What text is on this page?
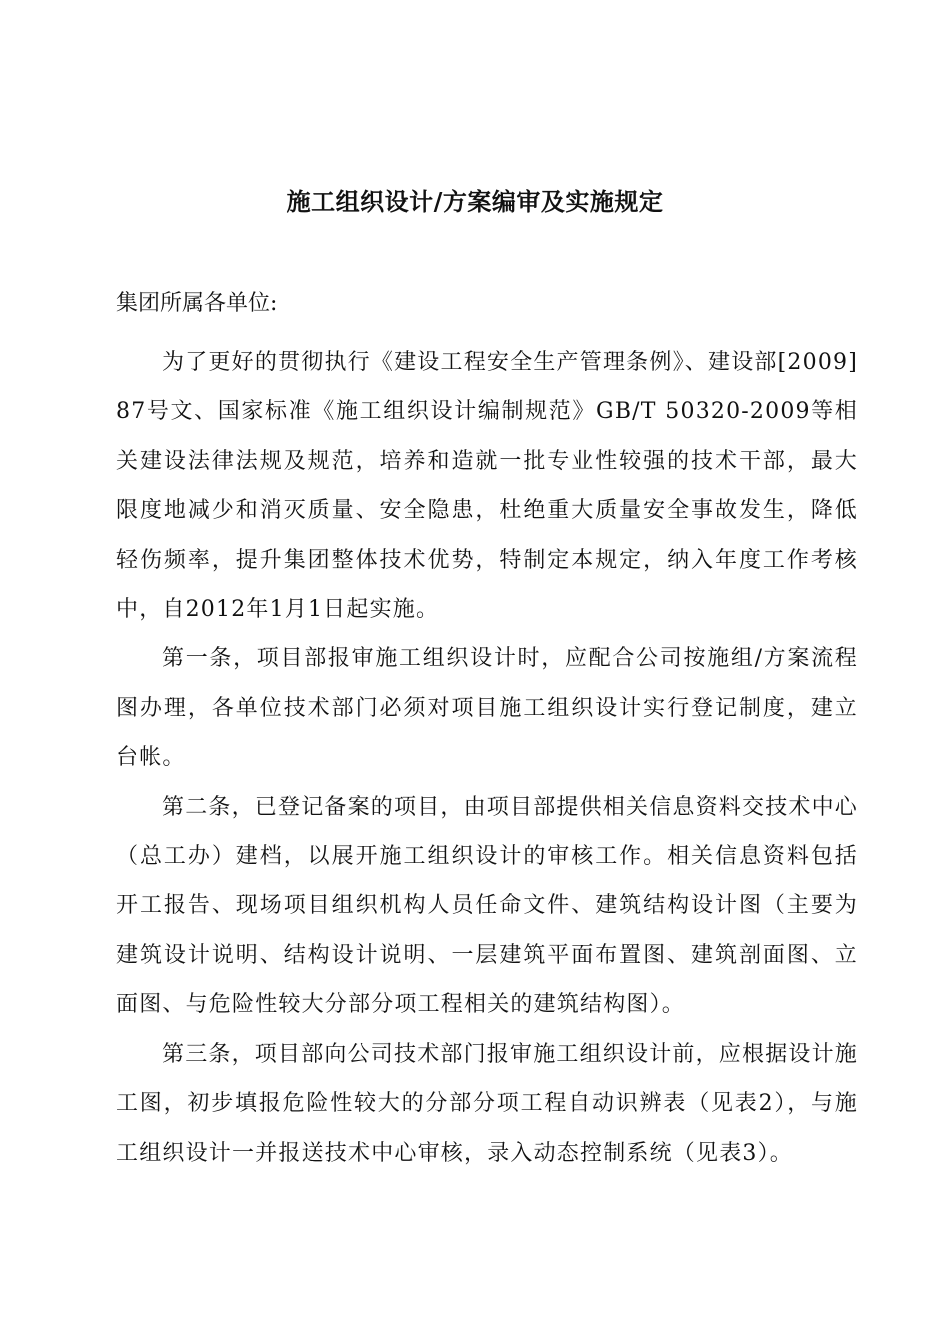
施工组织设计/方案编审及实施规定
集团所属各单位:

为了更好的贯彻执行《建设工程安全生产管理条例》、建设部[2009]87号文、国家标准《施工组织设计编制规范》GB/T 50320-2009等相关建设法律法规及规范，培养和造就一批专业性较强的技术干部，最大限度地减少和消灭质量、安全隐患，杜绝重大质量安全事故发生，降低轻伤频率，提升集团整体技术优势，特制定本规定，纳入年度工作考核中，自2012年1月1日起实施。

第一条，项目部报审施工组织设计时，应配合公司按施组/方案流程图办理，各单位技术部门必须对项目施工组织设计实行登记制度，建立台帐。

第二条，已登记备案的项目，由项目部提供相关信息资料交技术中心（总工办）建档，以展开施工组织设计的审核工作。相关信息资料包括开工报告、现场项目组织机构人员任命文件、建筑结构设计图（主要为建筑设计说明、结构设计说明、一层建筑平面布置图、建筑剖面图、立面图、与危险性较大分部分项工程相关的建筑结构图）。

第三条，项目部向公司技术部门报审施工组织设计前，应根据设计施工图，初步填报危险性较大的分部分项工程自动识辨表（见表2），与施工组织设计一并报送技术中心审核，录入动态控制系统（见表3）。
